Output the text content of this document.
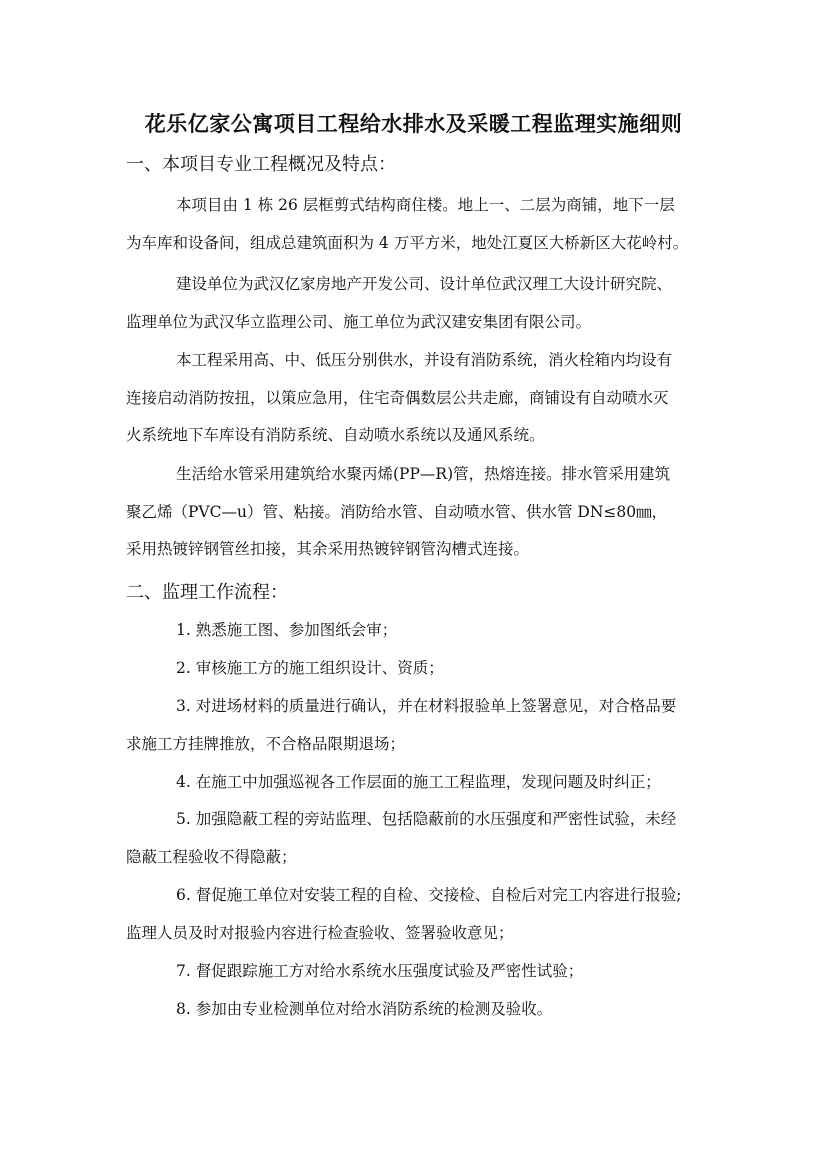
花乐亿家公寓项目工程给水排水及采暖工程监理实施细则
一、本项目专业工程概况及特点：
本项目由 1 栋 26 层框剪式结构商住楼。地上一、二层为商铺，地下一层
为车库和设备间，组成总建筑面积为 4 万平方米，地处江夏区大桥新区大花岭村。
建设单位为武汉亿家房地产开发公司、设计单位武汉理工大设计研究院、
监理单位为武汉华立监理公司、施工单位为武汉建安集团有限公司。
本工程采用高、中、低压分别供水，并设有消防系统，消火栓箱内均设有
连接启动消防按扭，以策应急用，住宅奇偶数层公共走廊，商铺设有自动喷水灭
火系统地下车库设有消防系统、自动喷水系统以及通风系统。
生活给水管采用建筑给水聚丙烯(PP—R)管，热熔连接。排水管采用建筑
聚乙烯（PVC—u）管、粘接。消防给水管、自动喷水管、供水管 DN≤80㎜，
采用热镀锌钢管丝扣接，其余采用热镀锌钢管沟槽式连接。
二、监理工作流程：
1. 熟悉施工图、参加图纸会审；
2. 审核施工方的施工组织设计、资质；
3. 对进场材料的质量进行确认，并在材料报验单上签署意见，对合格品要
求施工方挂牌推放，不合格品限期退场；
4. 在施工中加强巡视各工作层面的施工工程监理，发现问题及时纠正；
5. 加强隐蔽工程的旁站监理、包括隐蔽前的水压强度和严密性试验，未经
隐蔽工程验收不得隐蔽；
6. 督促施工单位对安装工程的自检、交接检、自检后对完工内容进行报验;
监理人员及时对报验内容进行检查验收、签署验收意见；
7. 督促跟踪施工方对给水系统水压强度试验及严密性试验；
8. 参加由专业检测单位对给水消防系统的检测及验收。
